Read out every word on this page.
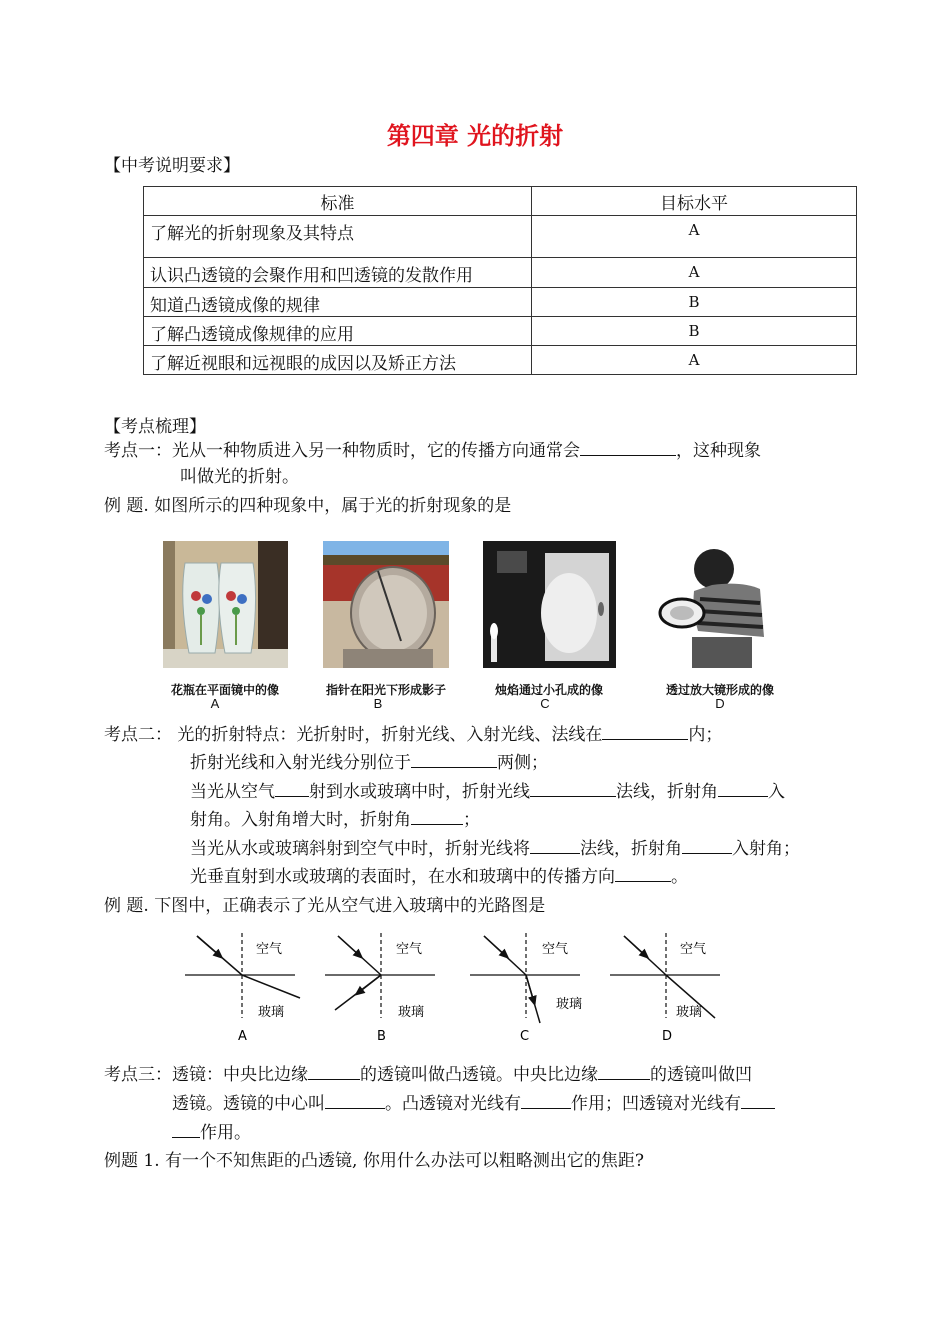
第四章 光的折射
【中考说明要求】
标准	目标水平
了解光的折射现象及其特点	A
认识凸透镜的会聚作用和凹透镜的发散作用	A
知道凸透镜成像的规律	B
了解凸透镜成像规律的应用	B
了解近视眼和远视眼的成因以及矫正方法	A
【考点梳理】
考点一：光从一种物质进入另一种物质时，它的传播方向通常会	，这种现象
叫做光的折射。
例 题. 如图所示的四种现象中，属于光的折射现象的是
花瓶在平面镜中的像	指针在阳光下形成影子	烛焰通过小孔成的像	透过放大镜形成的像
A	B	C	D
考点二： 光的折射特点：光折射时，折射光线、入射光线、法线在	内；
折射光线和入射光线分别位于	两侧；
当光从空气 射到水或玻璃中时，折射光线	法线，折射角	入
射角。入射角增大时，折射角	；
当光从水或玻璃斜射到空气中时，折射光线将	法线，折射角	入射角；
光垂直射到水或玻璃的表面时，在水和玻璃中的传播方向	。
例 题. 下图中，正确表示了光从空气进入玻璃中的光路图是
空气
玻璃
A
空气
玻璃
B
空气
玻璃
C
空气
玻璃
D
考点三：透镜：中央比边缘	的透镜叫做凸透镜。中央比边缘	的透镜叫做凹
透镜。透镜的中心叫	。凸透镜对光线有	作用；凹透镜对光线有
作用。
例题 1. 有一个不知焦距的凸透镜, 你用什么办法可以粗略测出它的焦距?
